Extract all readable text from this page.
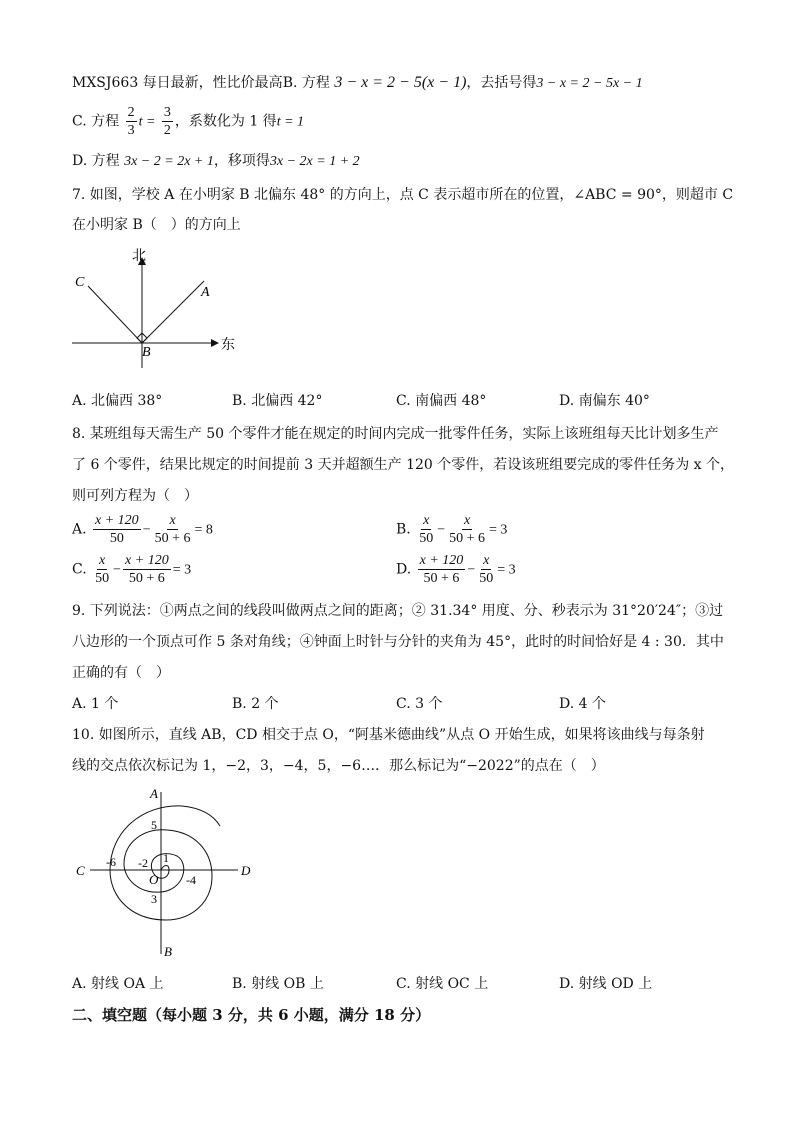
MXSJ663 每日最新，性比价最高B. 方程 3 − x = 2 − 5(x − 1)，去括号得3 − x = 2 − 5x − 1
C. 方程 $\frac{2}{3}$ $t = \frac{3}{2}$ ，系数化为 1 得t = 1
D. 方程 3x − 2 = 2x + 1，移项得3x − 2x = 1 + 2
7. 如图，学校 A 在小明家 B 北偏东 48° 的方向上，点 C 表示超市所在的位置，∠ABC = 90°，则超市 C
在小明家 B（　）的方向上
北
东
A
B
C
A. 北偏西 38°	B. 北偏西 42°	C. 南偏西 48°	D. 南偏东 40°
8. 某班组每天需生产 50 个零件才能在规定的时间内完成一批零件任务，实际上该班组每天比计划多生产
了 6 个零件，结果比规定的时间提前 3 天并超额生产 120 个零件，若设该班组要完成的零件任务为 x 个，
则可列方程为（　）
A. $\frac{x + 120}{50} - \frac{x}{50 + 6} = 8$	B. $\frac{x}{50} - \frac{x}{50 + 6} = 3$
C. $\frac{x}{50} - \frac{x + 120}{50 + 6} = 3$	D. $\frac{x + 120}{50 + 6} - \frac{x}{50} = 3$
9. 下列说法：①两点之间的线段叫做两点之间的距离；② 31.34° 用度、分、秒表示为 31°20′24″；③过
八边形的一个顶点可作 5 条对角线；④钟面上时针与分针的夹角为 45°，此时的时间恰好是 4 : 30．其中
正确的有（　）
A. 1 个	B. 2 个	C. 3 个	D. 4 个
10. 如图所示，直线 AB，CD 相交于点 O，“阿基米德曲线”从点 O 开始生成，如果将该曲线与每条射
线的交点依次标记为 1，−2，3，−4，5，−6…．那么标记为“−2022”的点在（　）
A
B
C	D
O
1
-2
3
-4
5
-6
A. 射线 OA 上	B. 射线 OB 上	C. 射线 OC 上	D. 射线 OD 上
二、填空题（每小题 3 分，共 6 小题，满分 18 分）
